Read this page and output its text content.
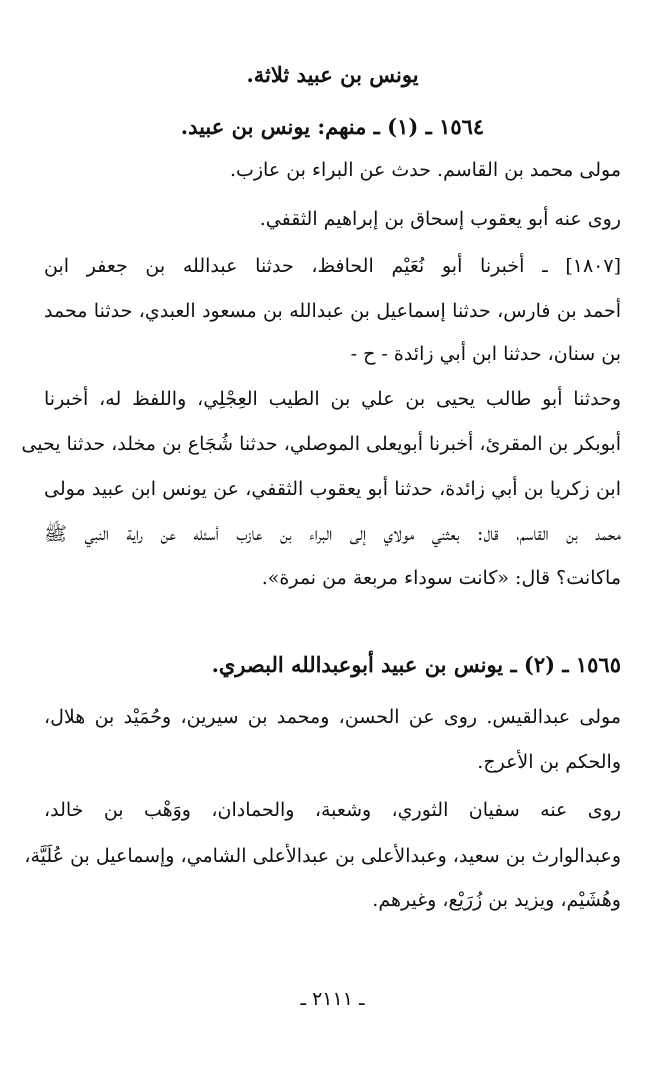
يونس بن عبيد ثلاثة.
١٥٦٤ ـ (١) ـ منهم: يونس بن عبيد.
مولى محمد بن القاسم. حدث عن البراء بن عازب.
روى عنه أبو يعقوب إسحاق بن إبراهيم الثقفي.
[١٨٠٧] ـ أخبرنا أبو نُعَيْم الحافظ، حدثنا عبدالله بن جعفر ابن
أحمد بن فارس، حدثنا إسماعيل بن عبدالله بن مسعود العبدي، حدثنا محمد
بن سنان، حدثنا ابن أبي زائدة - ح -
وحدثنا أبو طالب يحيى بن علي بن الطيب العِجْلِي، واللفظ له، أخبرنا
أبوبكر بن المقرئ، أخبرنا أبويعلى الموصلي، حدثنا شُجَاع بن مخلد، حدثنا يحيى
ابن زكريا بن أبي زائدة، حدثنا أبو يعقوب الثقفي، عن يونس ابن عبيد مولى
محمد بن القاسم، قال: بعثني مولاي إلى البراء بن عازب أسئله عن راية النبي ﷺ
ماكانت؟ قال: «كانت سوداء مربعة من نمرة».
١٥٦٥ ـ (٢) ـ يونس بن عبيد أبوعبدالله البصري.
مولى عبدالقيس. روى عن الحسن، ومحمد بن سيرين، وحُمَيْد بن هلال،
والحكم بن الأعرج.
روى عنه سفيان الثوري، وشعبة، والحمادان، ووَهْب بن خالد،
وعبدالوارث بن سعيد، وعبدالأعلى بن عبدالأعلى الشامي، وإسماعيل بن عُلَيَّة،
وهُشَيْم، ويزيد بن زُرَيْع، وغيرهم.
ـ ٢١١١ ـ
